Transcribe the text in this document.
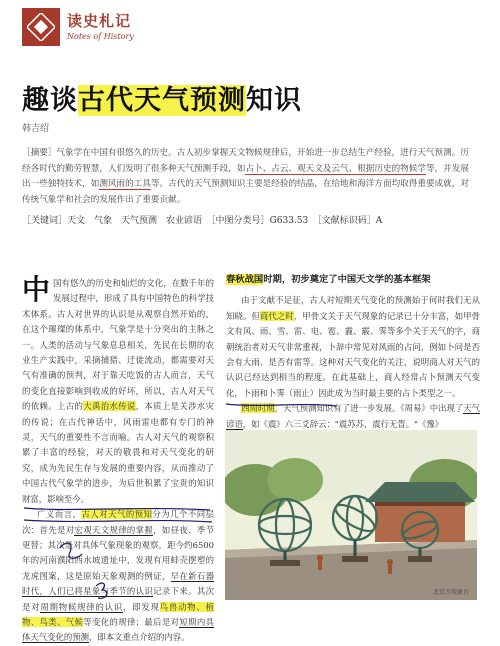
读史札记
Notes of History
趣谈古代天气预测知识
韩吉绍
［摘要］气象学在中国有很悠久的历史。古人初步掌握天文物候规律后，开始进一步总结生产经验，进行天气预测。历经各时代的勤劳智慧，人们发明了很多种天气预测手段，如占卜、占云、观天文及云气、根据历史的物候学等，并发展出一些独特技术，如测风雨的工具等。古代的天气预测知识主要是经验的结晶，在给地和海洋方面均取得重要成就，对传统气象学和社会的发展作出了重要贡献。
［关键词］天文　气象　天气预测　农业谚语　 ［中图分类号］G633.53　 ［文献标识码］A

中国有悠久的历史和灿烂的文化，在数千年的发展过程中，形成了具有中国特色的科学技术体系。古人对世界的认识是从观察自然开始的，在这个璀璨的体系中，气象学是十分突出的主脉之一。人类的活动与气象息息相关，先民在长期的农业生产实践中，采摘捕猎、迁徙流动，都需要对天气有准确的预判，对于靠天吃饭的古人而言，天气的变化直接影响到收成的好坏，所以，古人对天气的依赖。上古的大禹治水传说，本质上是关涉水灾的传说；在古代神话中，风雨雷电都有专门的神灵，天气的重要性不言而喻。古人对天气的观察积累了丰富的经验，对天的敬畏和对天气变化的研究，成为先民生存与发展的重要内容，从而推动了中国古代气象学的进步，为后世积累了宝贵的知识财富，影响至今。

广义而言，古人对天气的预知分为几个不同层次：首先是对宏观天文规律的掌握，如昼夜、季节更替；其次是对具体气象现象的观察。距今约6500年的河南濮阳西水坡遗址中，发现有用蚌壳摆塑的龙虎图案，这是原始天象观测的例证，早在新石器时代，人们已将星象与季节的认识记录下来。其次是对周期物候规律的认识，即发现鸟兽动物、植物、鸟类、气候等变化的规律；最后是对短期内具体天气变化的预测，即本文重点介绍的内容。

春秋战国时期，初步奠定了中国天文学的基本框架

由于文献不足征，古人对短期天气变化的预测始于何时我们无从知晓。但商代之时，甲骨文关于天气现象的记录已十分丰富，如甲骨文有风、雨、雪、雷、电、雹、霾、霰、霁等多个关于天气的字，商朝统治者对天气非常重视，卜辞中常见对风雨的占问，例如卜问是否会有大雨、是否有雷等。这种对天气变化的关注，说明商人对天气的认识已经达到相当的程度。在此基础上，商人经常占卜预测天气变化，卜雨和卜霁（雨止）因此成为当时最主要的占卜类型之一。

西周时期，天气预测知识有了进一步发展。《周易》中出现了天气谚语，如《震》六三爻辞云："震苏苏，震行无眚。"《豫》

北京古观象台
